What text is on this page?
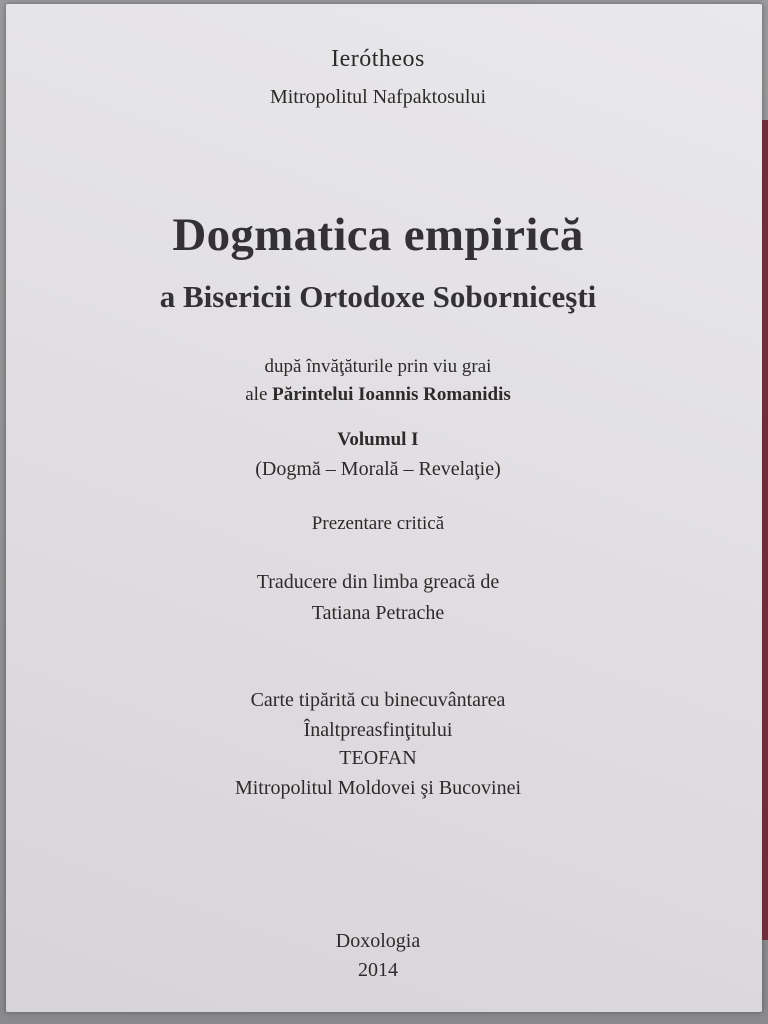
Ierótheos
Mitropolitul Nafpaktosului
Dogmatica empirică
a Bisericii Ortodoxe Soborniceşti
după învăţăturile prin viu grai
ale Părintelui Ioannis Romanidis
Volumul I
(Dogmă – Morală – Revelaţie)
Prezentare critică
Traducere din limba greacă de
Tatiana Petrache
Carte tipărită cu binecuvântarea
Înaltpreasfinţitului
TEOFAN
Mitropolitul Moldovei şi Bucovinei
Doxologia
2014
